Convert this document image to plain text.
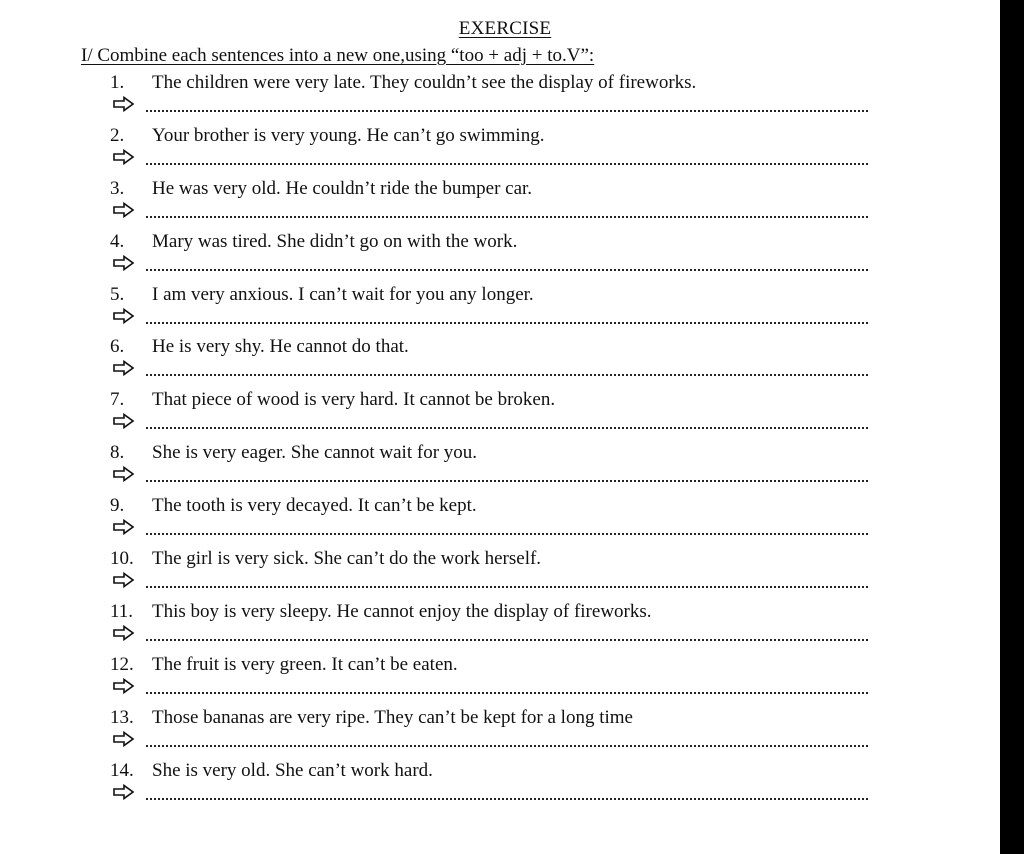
EXERCISE
I/ Combine each sentences into a new one,using “too + adj + to.V”:
1. The children were very late. They couldn’t see the display of fireworks.
2. Your brother is very young. He can’t go swimming.
3. He was very old. He couldn’t ride the bumper car.
4. Mary was tired. She didn’t go on with the work.
5. I am very anxious. I can’t wait for you any longer.
6. He is very shy. He cannot do that.
7. That piece of wood is very hard. It cannot be broken.
8. She is very eager. She cannot wait for you.
9. The tooth is very decayed. It can’t be kept.
10. The girl is very sick. She can’t do the work herself.
11. This boy is very sleepy. He cannot enjoy the display of fireworks.
12. The fruit is very green. It can’t be eaten.
13. Those bananas are very ripe. They can’t be kept for a long time
14. She is very old. She can’t work hard.
